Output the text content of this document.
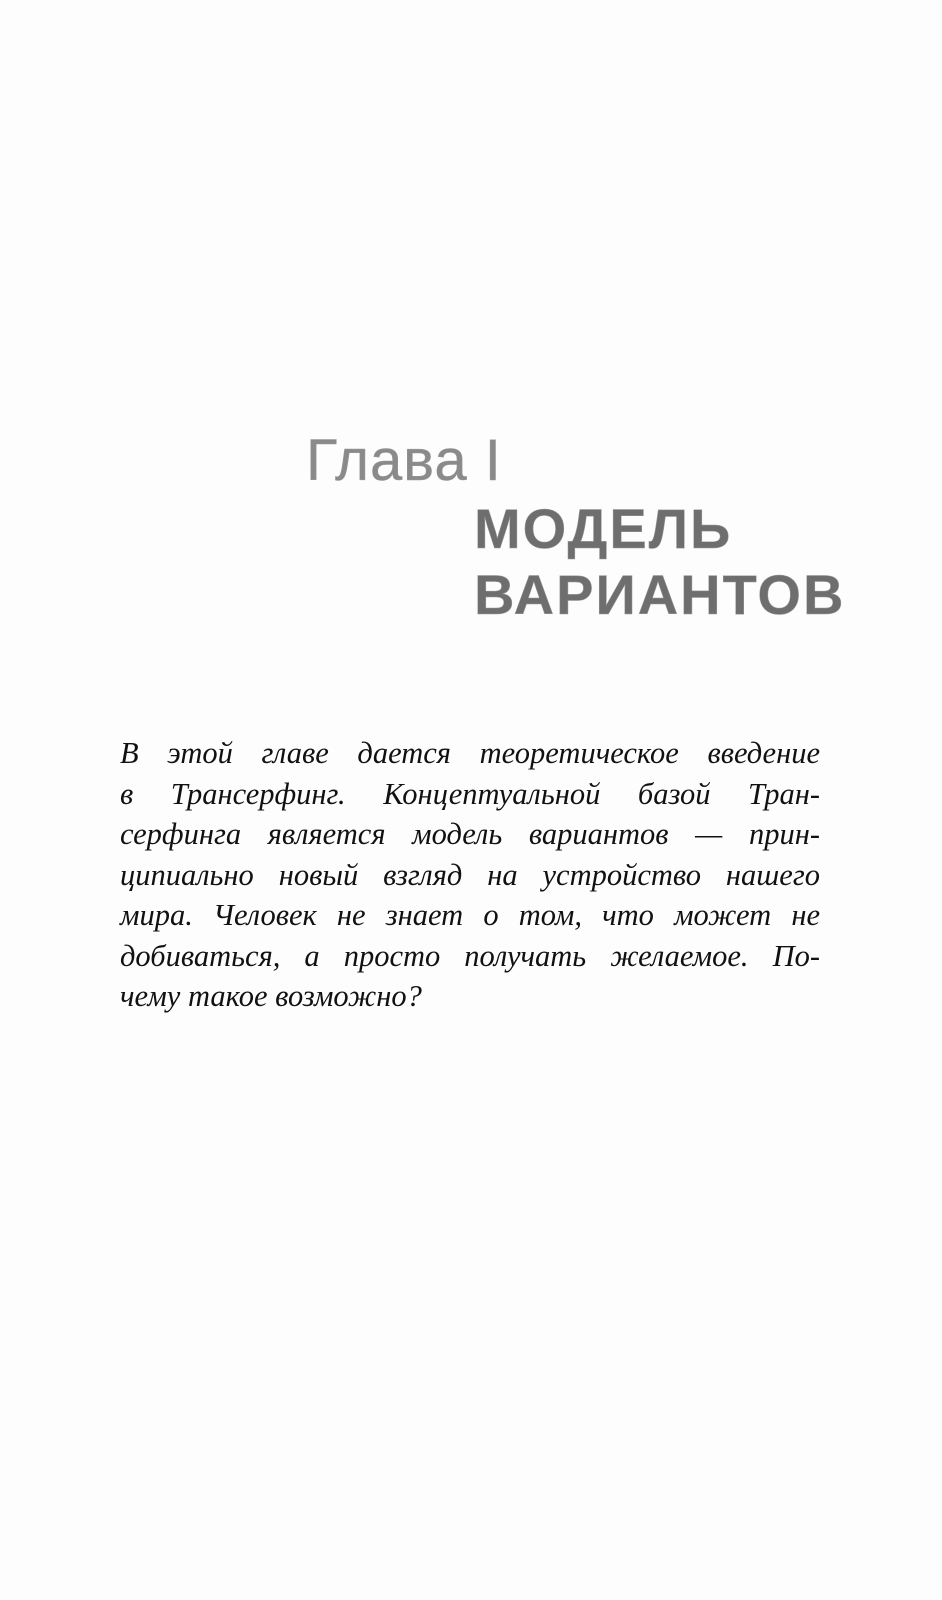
Глава I
МОДЕЛЬ
ВАРИАНТОВ
В этой главе дается теоретическое введение
в Трансерфинг. Концептуальной базой Тран-
серфинга является модель вариантов — прин-
ципиально новый взгляд на устройство нашего
мира. Человек не знает о том, что может не
добиваться, а просто получать желаемое. По-
чему такое возможно?
